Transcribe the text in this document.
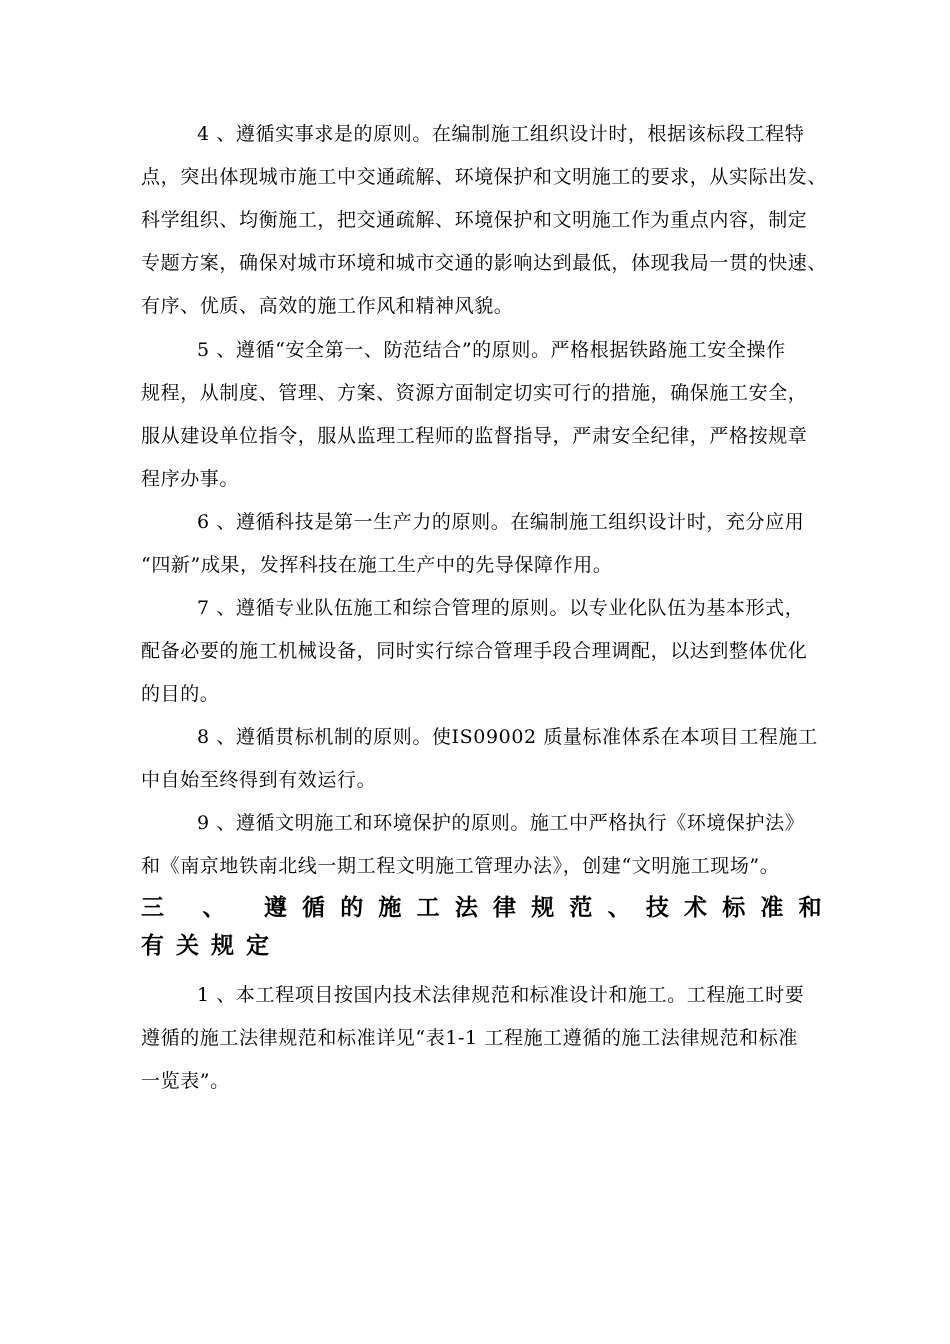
4 、遵循实事求是的原则。在编制施工组织设计时，根据该标段工程特
点，突出体现城市施工中交通疏解、环境保护和文明施工的要求，从实际出发、
科学组织、均衡施工，把交通疏解、环境保护和文明施工作为重点内容，制定
专题方案，确保对城市环境和城市交通的影响达到最低，体现我局一贯的快速、
有序、优质、高效的施工作风和精神风貌。

5 、遵循“安全第一、防范结合”的原则。严格根据铁路施工安全操作
规程，从制度、管理、方案、资源方面制定切实可行的措施，确保施工安全，
服从建设单位指令，服从监理工程师的监督指导，严肃安全纪律，严格按规章
程序办事。

6 、遵循科技是第一生产力的原则。在编制施工组织设计时，充分应用
“四新”成果，发挥科技在施工生产中的先导保障作用。

7 、遵循专业队伍施工和综合管理的原则。以专业化队伍为基本形式，
配备必要的施工机械设备，同时实行综合管理手段合理调配，以达到整体优化
的目的。

8 、遵循贯标机制的原则。使IS09002 质量标准体系在本项目工程施工
中自始至终得到有效运行。

9 、遵循文明施工和环境保护的原则。施工中严格执行《环境保护法》
和《南京地铁南北线一期工程文明施工管理办法》，创建“文明施工现场”。

三 、 遵循的施工法律规范、技术标准和
有关规定

1 、本工程项目按国内技术法律规范和标准设计和施工。工程施工时要
遵循的施工法律规范和标准详见“表1-1 工程施工遵循的施工法律规范和标准
一览表”。
